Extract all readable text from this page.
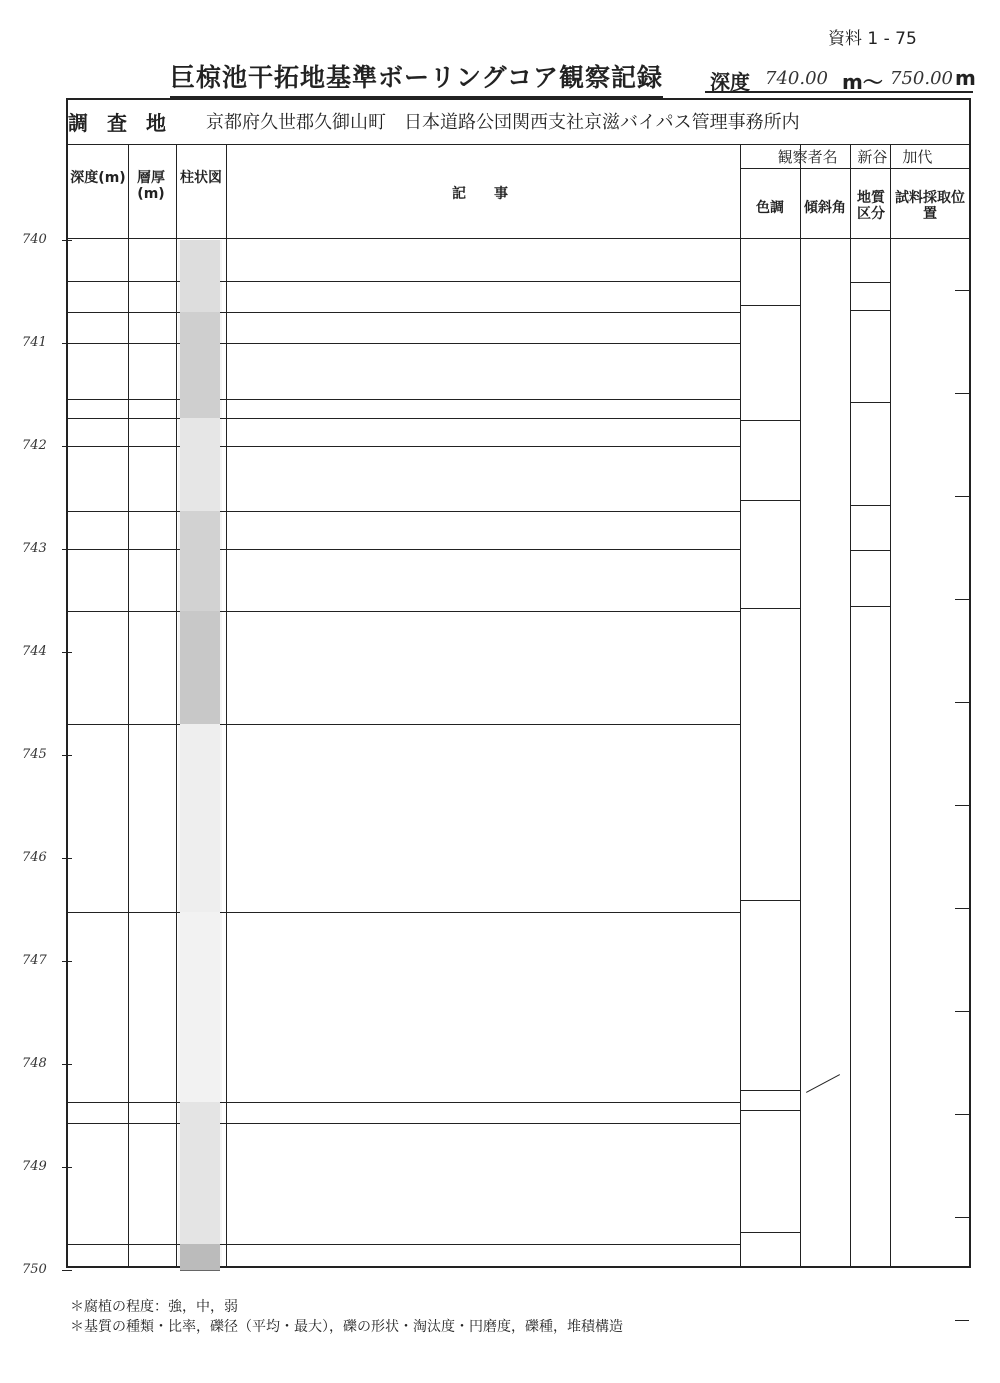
資料 1 - 75
巨椋池干拓地基準ボーリングコア観察記録 深度 740.00 m〜 750.00 m
調 査 地	京都府久世郡久御山町　日本道路公団関西支社京滋バイパス管理事務所内
観察者名　 新谷　加代
深度(m) 層厚(m)
柱状図
記　　事
色調	傾斜角
地質区分
試料採取位置
740
741
742
743
744
745
746
747
748
749
750
＊腐植の程度：強，中，弱
＊基質の種類・比率，礫径（平均・最大），礫の形状・淘汰度・円磨度，礫種，堆積構造
